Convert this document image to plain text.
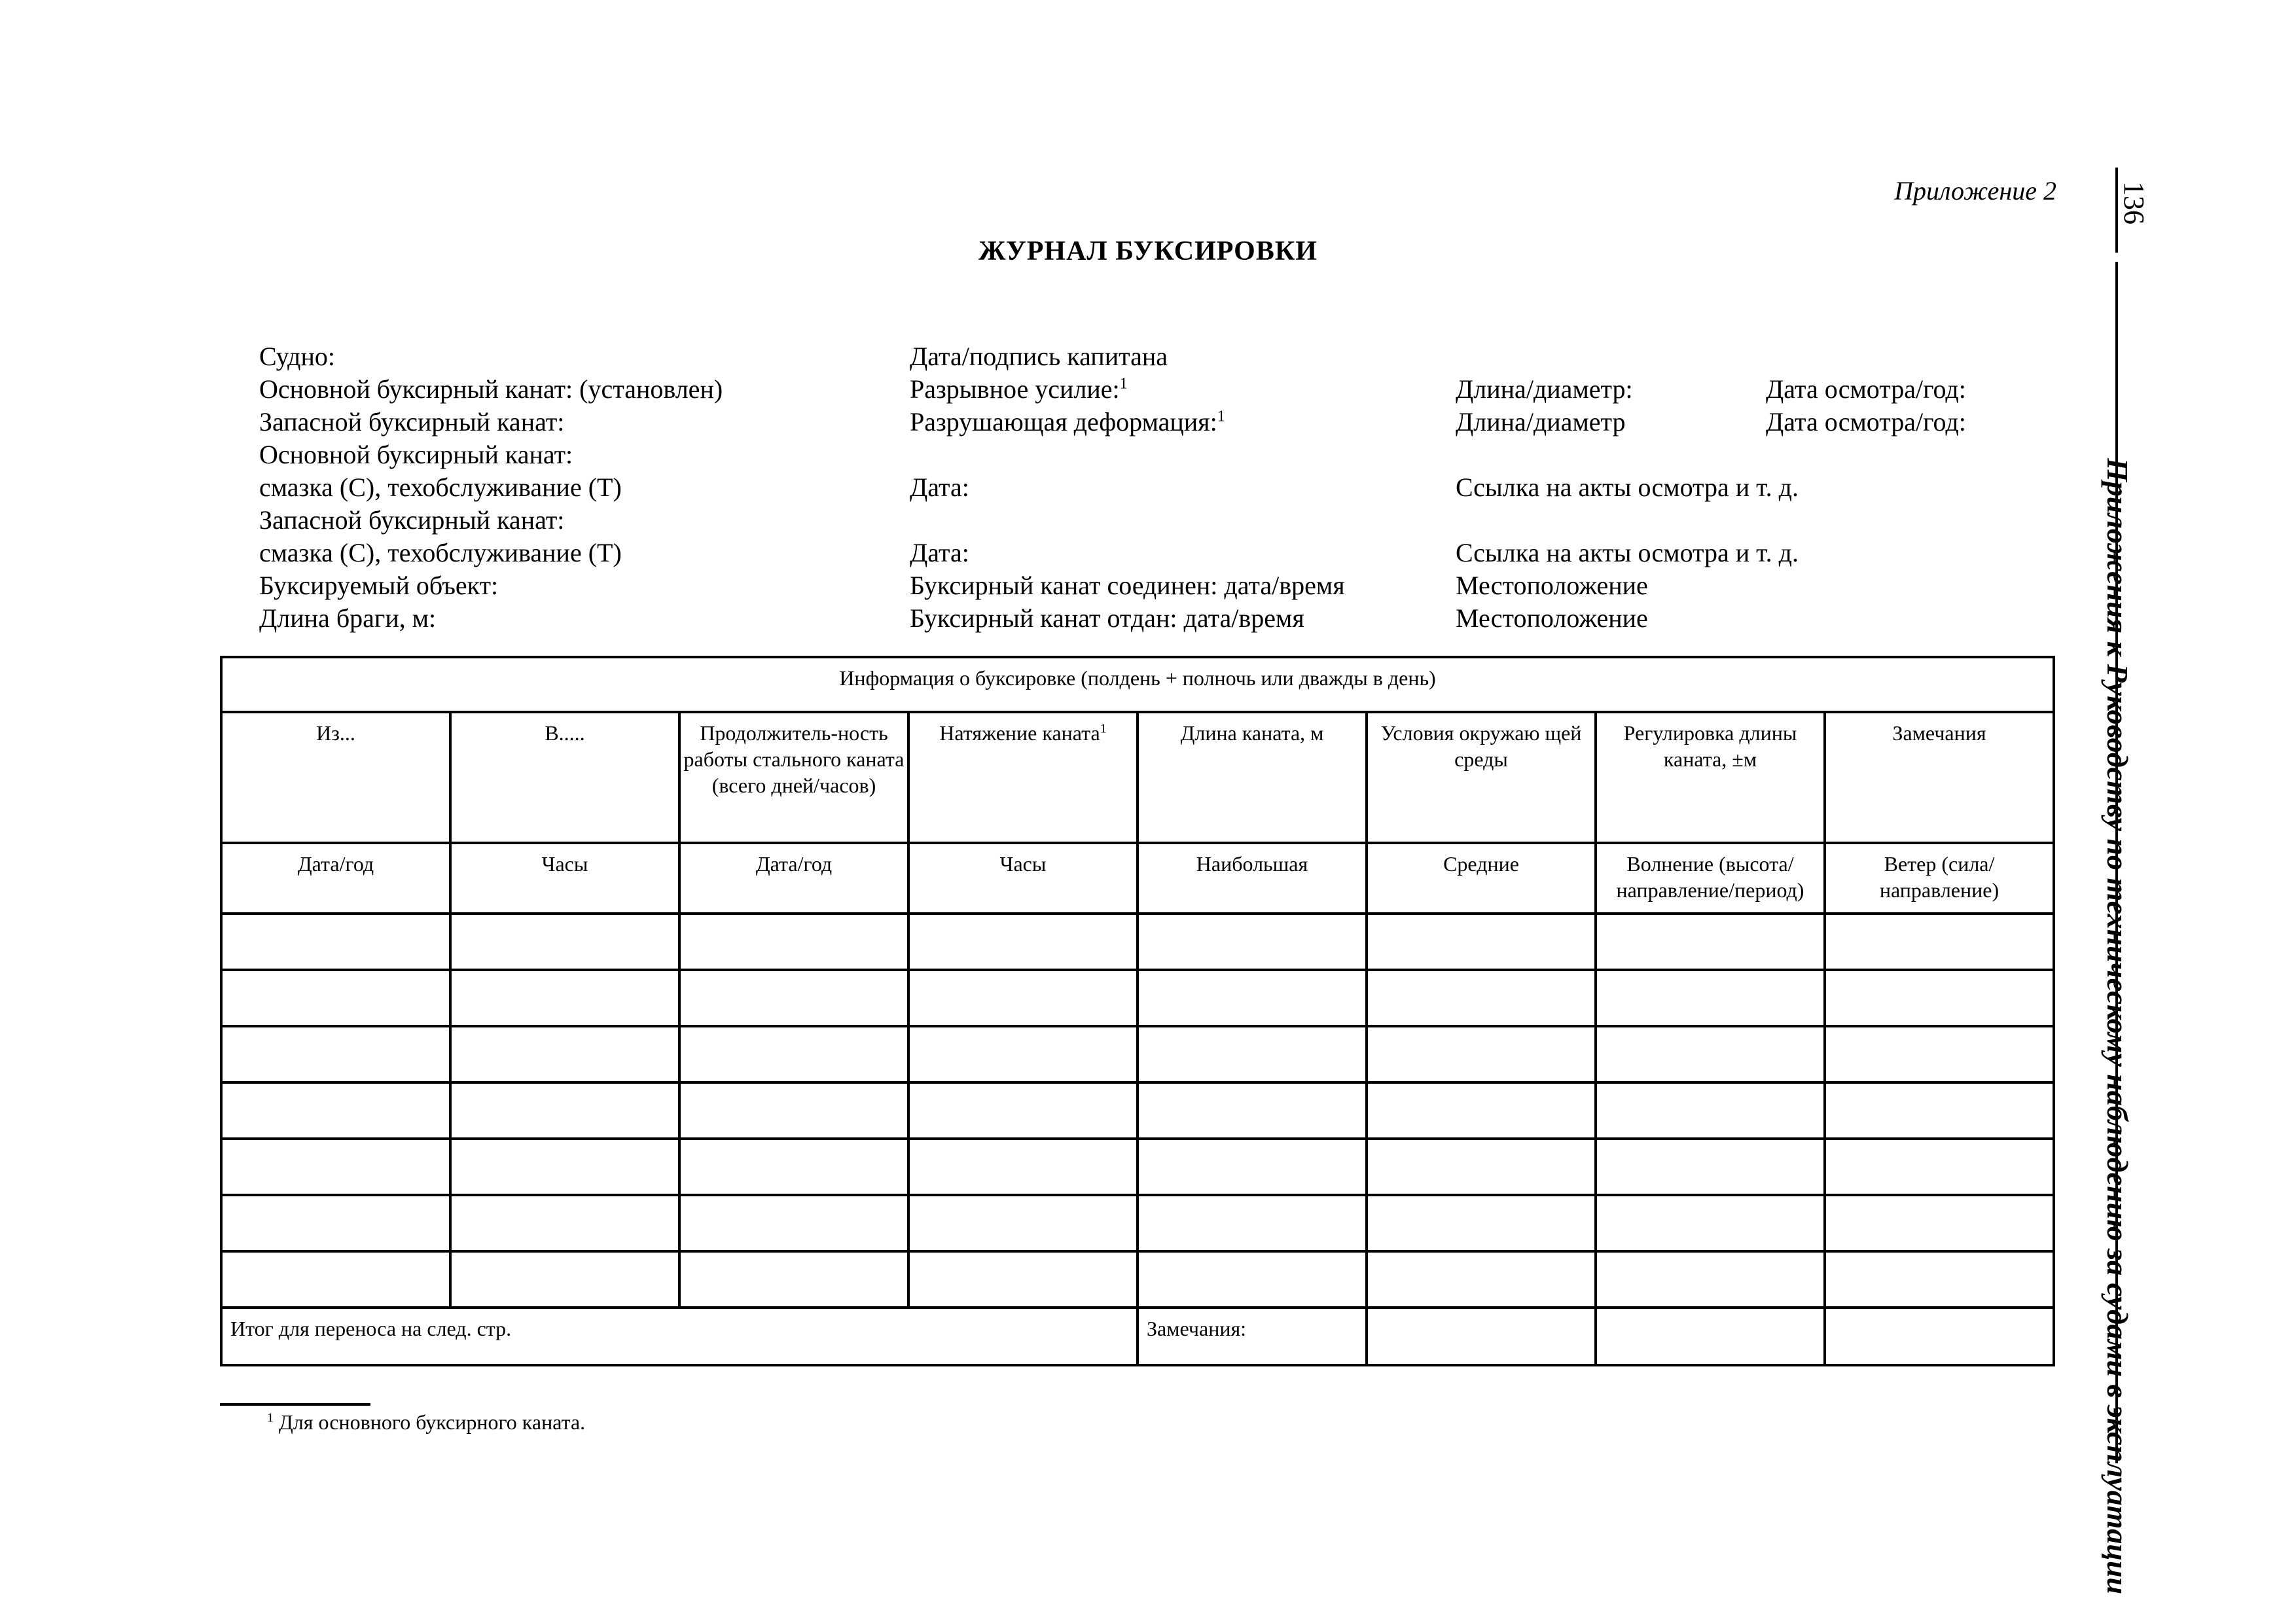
Приложение 2
ЖУРНАЛ БУКСИРОВКИ
136
Приложения к Руководству по техническому наблюдению за судами в эксплуатации
Судно:	Дата/подпись капитана
Основной буксирный канат: (установлен)	Разрывное усилие:$^1$	Длина/диаметр:	Дата осмотра/год:
Запасной буксирный канат:	Разрушающая деформация:$^1$	Длина/диаметр	Дата осмотра/год:
Основной буксирный канат:
смазка (С), техобслуживание (Т)	Дата:	Ссылка на акты осмотра и т. д.
Запасной буксирный канат:
смазка (С), техобслуживание (Т)	Дата:	Ссылка на акты осмотра и т. д.
Буксируемый объект:	Буксирный канат соединен: дата/время	Местоположение
Длина браги, м:	Буксирный канат отдан: дата/время	Местоположение
Информация о буксировке (полдень + полночь или дважды в день)							
Из...	В.....	Продолжитель-ность работы стального каната (всего дней/часов)	Натяжение каната$^1$	Длина каната, м	Условия окружаю щей среды	Регулировка длины каната, ±м	Замечания
Дата/год	Часы	Дата/год	Часы	Наибольшая	Средние	Волнение (высота/направление/период)	Ветер (сила/направление)

Итог для переноса на след. стр.				Замечания:			
$^1$ Для основного буксирного каната.
